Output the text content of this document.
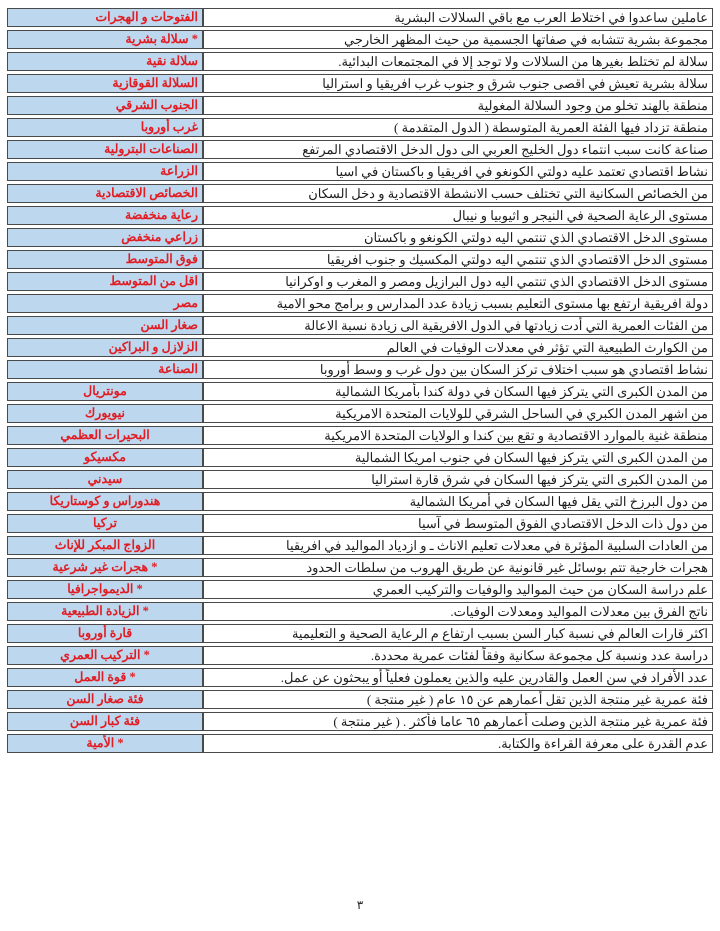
عاملين ساعدوا في اختلاط العرب مع باقي السلالات البشرية	الفتوحات و الهجرات
مجموعة بشرية تتشابه في صفاتها الجسمية من حيث المظهر الخارجي	* سلالة بشرية
سلالة لم تختلط بغيرها من السلالات ولا توجد إلا في المجتمعات البدائية.	سلالة نقية
سلالة بشرية تعيش في اقصى جنوب شرق و جنوب غرب افريقيا و استراليا	السلالة القوقازية
منطقة بالهند تخلو من وجود السلالة المغولية	الجنوب الشرقي
منطقة تزداد فيها الفئة العمرية المتوسطة ( الدول المتقدمة )	غرب أوروبا
صناعة كانت سبب انتماء دول الخليج العربي الى دول الدخل الاقتصادي المرتفع	الصناعات البترولية
نشاط اقتصادي تعتمد عليه دولتي الكونغو في افريقيا و باكستان في اسيا	الزراعة
من الخصائص السكانية التي تختلف حسب الانشطة الاقتصادية و دخل السكان	الخصائص الاقتصادية
مستوى الرعاية الصحية في النيجر و اثيوبيا و نيبال	رعاية منخفضة
مستوى الدخل الاقتصادي الذي تنتمي اليه دولتي الكونغو و باكستان	زراعي منخفض
مستوى الدخل الاقتصادي الذي تنتمي اليه دولتي المكسيك و جنوب افريقيا	فوق المتوسط
مستوى الدخل الاقتصادي الذي تنتمي اليه دول البرازيل ومصر و المغرب و اوكرانيا	اقل من المتوسط
دولة افريقية ارتفع بها مستوى التعليم بسبب زيادة عدد المدارس و برامج محو الامية	مصر
من الفئات العمرية التي أدت زيادتها في الدول الافريقية الى زيادة نسبة الاعالة	صغار السن
من الكوارث الطبيعية التي تؤثر في معدلات الوفيات في العالم	الزلازل و البراكين
نشاط اقتصادي هو سبب اختلاف تركز السكان بين دول غرب و وسط أوروبا	الصناعة
من المدن الكبرى التي يتركز فيها السكان في دولة كندا بأمريكا الشمالية	مونتريال
من اشهر المدن الكبري في الساحل الشرقي للولايات المتحدة الامريكية	نيويورك
منطقة غنية بالموارد الاقتصادية و تقع بين كندا و الولايات المتحدة الامريكية	البحيرات العظمي
من المدن الكبرى التي يتركز فيها السكان في جنوب امريكا الشمالية	مكسيكو
من المدن الكبرى التي يتركز فيها السكان في شرق قارة استراليا	سيدني
من دول البرزخ التي يقل فيها السكان في أمريكا الشمالية	هندوراس و كوستاريكا
من دول ذات الدخل الاقتصادي الفوق المتوسط في آسيا	تركيا
من العادات السلبية المؤثرة في معدلات تعليم الاناث ـ و ازدياد المواليد في افريقيا	الزواج المبكر للإناث
هجرات خارجية تتم بوسائل غير قانونية عن طريق الهروب من سلطات الحدود	* هجرات غير شرعية
علم دراسة السكان من حيث المواليد والوفيات والتركيب العمري	* الديمواجرافيا
ناتج الفرق بين معدلات المواليد ومعدلات الوفيات.	* الزيادة الطبيعية
اكثر قارات العالم في نسبة كبار السن بسبب ارتفاع م الرعاية الصحية و التعليمية	قارة أوروبا
دراسة عدد ونسبة كل مجموعة سكانية وفقاً لفئات عمرية محددة.	* التركيب العمري
عدد الأفراد في سن العمل والقادرين عليه والذين يعملون فعلياً أو يبحثون عن عمل.	* قوة العمل
فئة عمرية غير منتجة الذين تقل أعمارهم عن ١٥ عام ( غير منتجة )	فئة صغار السن
فئة عمرية غير منتجة الذين وصلت أعمارهم ٦٥ عاما فأكثر . ( غير منتجة )	فئة كبار السن
عدم القدرة على معرفة القراءة والكتابة.	* الأمية
٣
